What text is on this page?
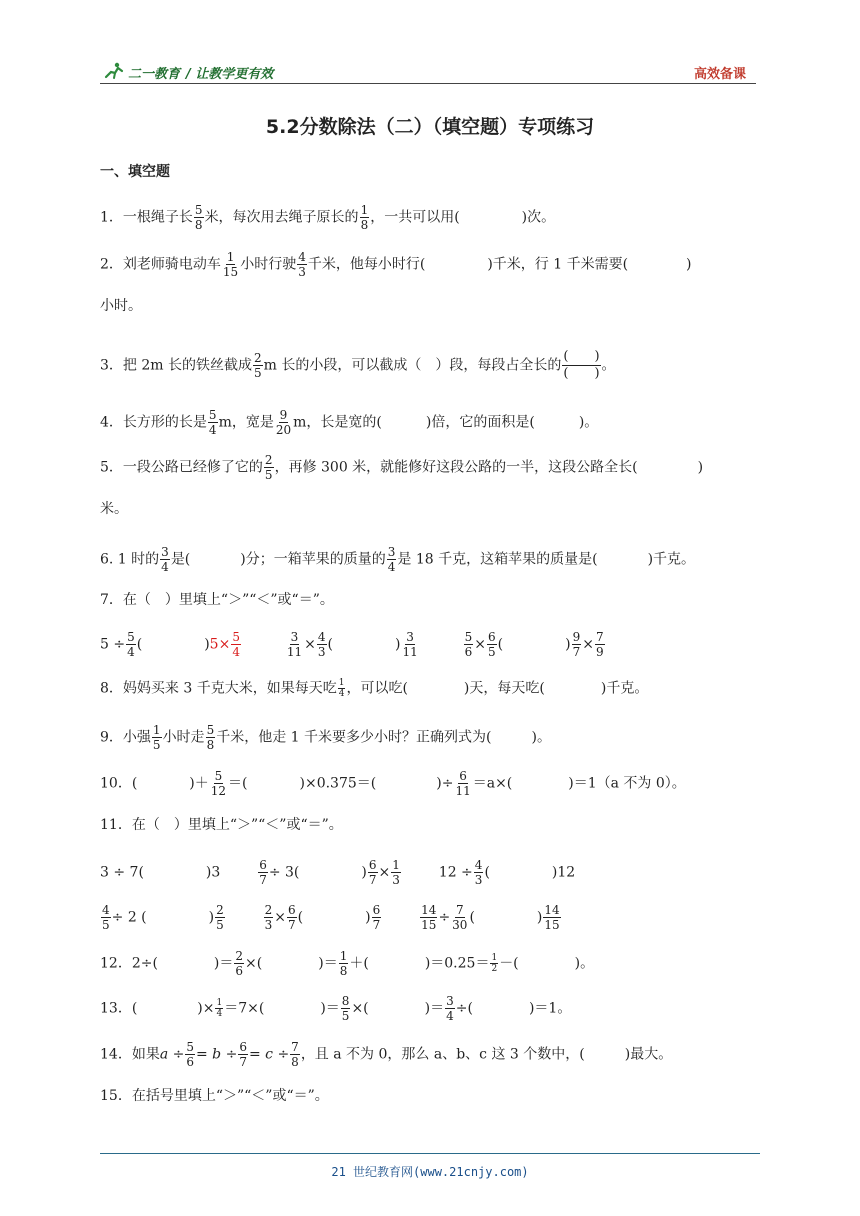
二一教育 / 让教学更有效	高效备课
5.2分数除法（二）（填空题）专项练习
一、填空题
1．一根绳子长 $\frac{5}{8}$ 米，每次用去绳子原长的 $\frac{1}{8}$ ，一共可以用(	)次。
2．刘老师骑电动车 $\frac{1}{15}$ 小时行驶 $\frac{4}{3}$ 千米，他每小时行(	)千米，行 1 千米需要(	)
小时。
3．把 2m 长的铁丝截成 $\frac{2}{5}$ m 长的小段，可以截成（ ）段，每段占全长的 $\frac{( )}{( )}$ 。
4．长方形的长是 $\frac{5}{4}$ m，宽是 $\frac{9}{20}$ m，长是宽的(	)倍，它的面积是(	)。
5．一段公路已经修了它的 $\frac{2}{5}$ ，再修 300 米，就能修好这段公路的一半，这段公路全长(	)
米。
6. 1 时的 $\frac{3}{4}$ 是(	)分；一箱苹果的质量的 $\frac{3}{4}$ 是 18 千克，这箱苹果的质量是(	)千克。
7．在（　）里填上“＞”“＜”或“＝”。
$5 \div \frac{5}{4}$ (	)$5\times \frac{5}{4}$
	$\frac{3}{11} \times \frac{4}{3}$ (	) $\frac{3}{11}$
	$\frac{5}{6} \times \frac{6}{5}$ (	) $\frac{9}{7} \times \frac{7}{9}$
8．妈妈买来 3 千克大米，如果每天吃 $\frac{1}{4}$ ，可以吃(	)天，每天吃(	)千克。
9．小强 $\frac{1}{5}$ 小时走 $\frac{5}{8}$ 千米，他走 1 千米要多少小时？正确列式为(	)。
10．(	)＋ $\frac{5}{12}$ ＝(	)×0.375＝(	)÷ $\frac{6}{11} =a\times$(	)＝1（a 不为 0）。
11．在（　）里填上“＞”“＜”或“＝”。
3 ÷ 7(	)3	$\frac{6}{7} \div 3$(	) $\frac{6}{7} \times \frac{1}{3}$	$12 \div \frac{4}{3}$ (	)12
$\frac{4}{5} \div 2$ (	) $\frac{2}{5}$
	$\frac{2}{3} \times \frac{6}{7}$ (	) $\frac{6}{7}$
	$\frac{14}{15} \div \frac{7}{30}$ (	) $\frac{14}{15}$
12．2÷(	)＝ $\frac{2}{6}$ ×(	)＝ $\frac{1}{8}$ ＋(	)$=0.25= \frac{1}{2}$ －(	)。
13．(	)× $\frac{1}{4} =7\times$(	)＝ $\frac{8}{5}$ ×(	)＝ $\frac{3}{4}$ ÷(	)＝1。
14．如果$a \div \frac{5}{6} = b \div \frac{6}{7} = c \div \frac{7}{8}$ ，且 a 不为 0，那么 a、b、c 这 3 个数中，(	)最大。
15．在括号里填上“＞”“＜”或“＝”。
21 世纪教育网(www.21cnjy.com)
